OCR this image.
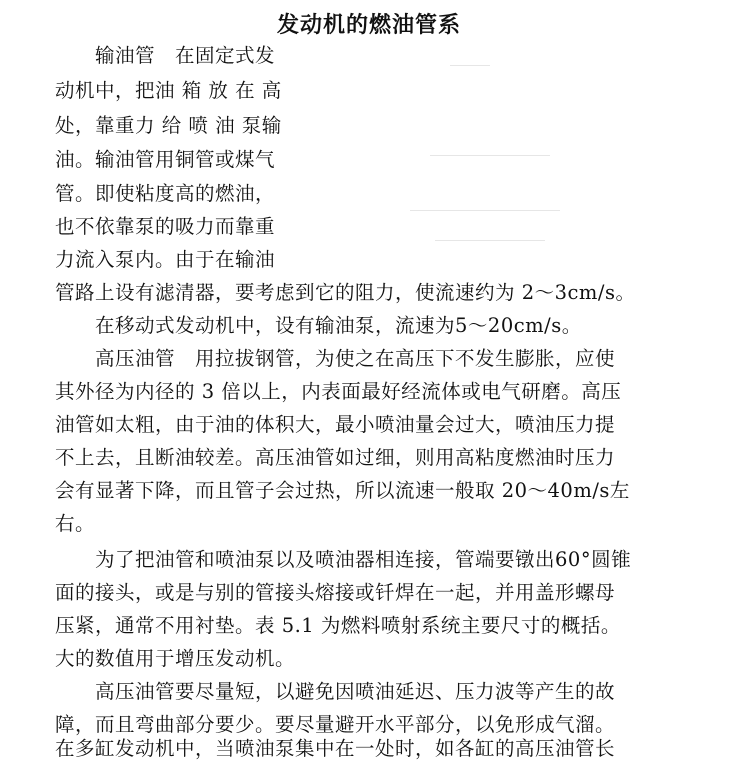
发动机的燃油管系
输油管　在固定式发
动机中，把油 箱 放 在 高
处，靠重力 给 喷 油 泵输
油。输油管用铜管或煤气
管。即使粘度高的燃油，
也不依靠泵的吸力而靠重
力流入泵内。由于在输油
管路上设有滤清器，要考虑到它的阻力，使流速约为 2～3cm/s。
在移动式发动机中，设有输油泵，流速为5～20cm/s。
高压油管　用拉拔钢管，为使之在高压下不发生膨胀，应使
其外径为内径的 3 倍以上，内表面最好经流体或电气研磨。高压
油管如太粗，由于油的体积大，最小喷油量会过大，喷油压力提
不上去，且断油较差。高压油管如过细，则用高粘度燃油时压力
会有显著下降，而且管子会过热，所以流速一般取 20～40m/s左
右。
为了把油管和喷油泵以及喷油器相连接，管端要镦出60°圆锥
面的接头，或是与别的管接头熔接或钎焊在一起，并用盖形螺母
压紧，通常不用衬垫。表 5.1 为燃料喷射系统主要尺寸的概括。
大的数值用于增压发动机。
高压油管要尽量短，以避免因喷油延迟、压力波等产生的故
障，而且弯曲部分要少。要尽量避开水平部分，以免形成气溜。
在多缸发动机中，当喷油泵集中在一处时，如各缸的高压油管长
